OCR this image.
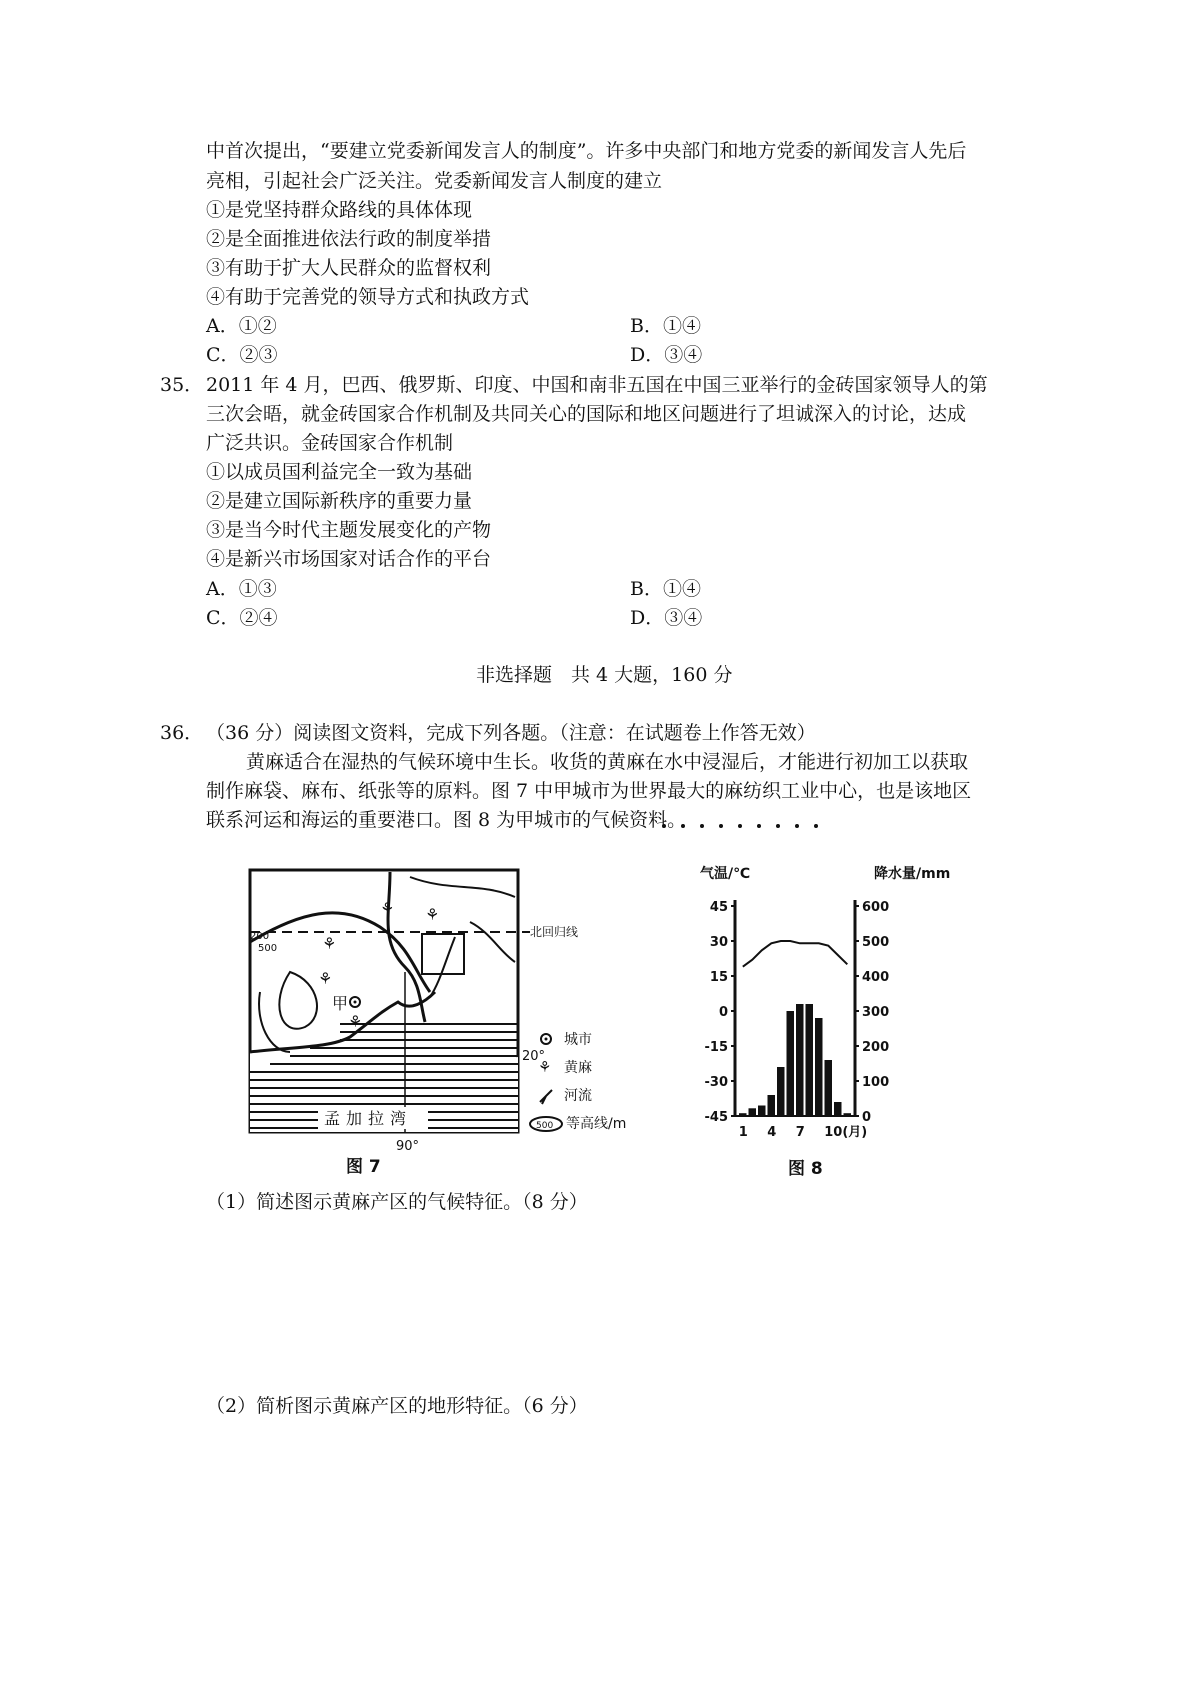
中首次提出，“要建立党委新闻发言人的制度”。许多中央部门和地方党委的新闻发言人先后
亮相，引起社会广泛关注。党委新闻发言人制度的建立
①是党坚持群众路线的具体体现
②是全面推进依法行政的制度举措
③有助于扩大人民群众的监督权利
④有助于完善党的领导方式和执政方式
A．①②	B．①④
C．②③	D．③④
35． 2011 年 4 月，巴西、俄罗斯、印度、中国和南非五国在中国三亚举行的金砖国家领导人的第
三次会晤，就金砖国家合作机制及共同关心的国际和地区问题进行了坦诚深入的讨论，达成
广泛共识。金砖国家合作机制
①以成员国利益完全一致为基础
②是建立国际新秩序的重要力量
③是当今时代主题发展变化的产物
④是新兴市场国家对话合作的平台
A．①③	B．①④
C．②④	D．③④
非选择题　共 4 大题，160 分
36． （36 分）阅读图文资料，完成下列各题。（注意：在试题卷上作答无效）
黄麻适合在湿热的气候环境中生长。收货的黄麻在水中浸湿后，才能进行初加工以获取
制作麻袋、麻布、纸张等的原料。图 7 中甲城市为世界最大的麻纺织工业中心，也是该地区
联系河运和海运的重要港口。图 8 为甲城市的气候资料。
北回归线
90°
20°
200
500
⚘
⚘
⚘
⚘
⚘
甲
孟加拉湾
城市
⚘ 黄麻
河流
500 等高线/m
图 7
气温/℃	降水量/mm
45
30
15
0
-15
-30
-45
600
500
400
300
200
100
0
1 4 7 10(月)
图 8
（1）简述图示黄麻产区的气候特征。（8 分）
（2）简析图示黄麻产区的地形特征。（6 分）
